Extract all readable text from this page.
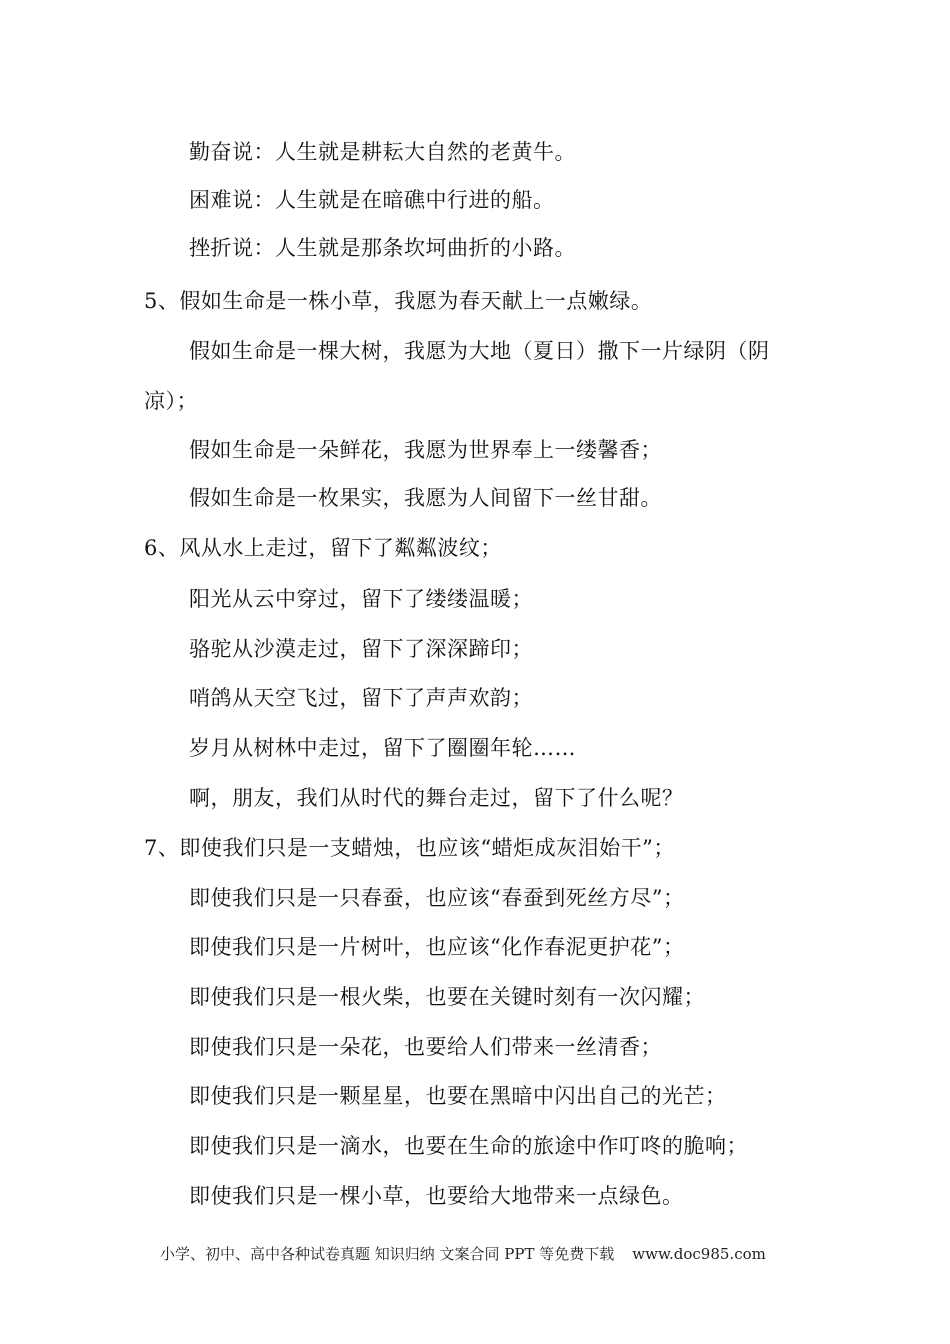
勤奋说：人生就是耕耘大自然的老黄牛。
困难说：人生就是在暗礁中行进的船。
挫折说：人生就是那条坎坷曲折的小路。
5、假如生命是一株小草，我愿为春天献上一点嫩绿。
假如生命是一棵大树，我愿为大地（夏日）撒下一片绿阴（阴
凉）；
假如生命是一朵鲜花，我愿为世界奉上一缕馨香；
假如生命是一枚果实，我愿为人间留下一丝甘甜。
6、风从水上走过，留下了粼粼波纹；
阳光从云中穿过，留下了缕缕温暖；
骆驼从沙漠走过，留下了深深蹄印；
哨鸽从天空飞过，留下了声声欢韵；
岁月从树林中走过，留下了圈圈年轮……
啊，朋友，我们从时代的舞台走过，留下了什么呢？
7、即使我们只是一支蜡烛，也应该“蜡炬成灰泪始干”；
即使我们只是一只春蚕，也应该“春蚕到死丝方尽”；
即使我们只是一片树叶，也应该“化作春泥更护花”；
即使我们只是一根火柴，也要在关键时刻有一次闪耀；
即使我们只是一朵花，也要给人们带来一丝清香；
即使我们只是一颗星星，也要在黑暗中闪出自己的光芒；
即使我们只是一滴水，也要在生命的旅途中作叮咚的脆响；
即使我们只是一棵小草，也要给大地带来一点绿色。
小学、初中、高中各种试卷真题 知识归纳 文案合同 PPT 等免费下载 www.doc985.com
